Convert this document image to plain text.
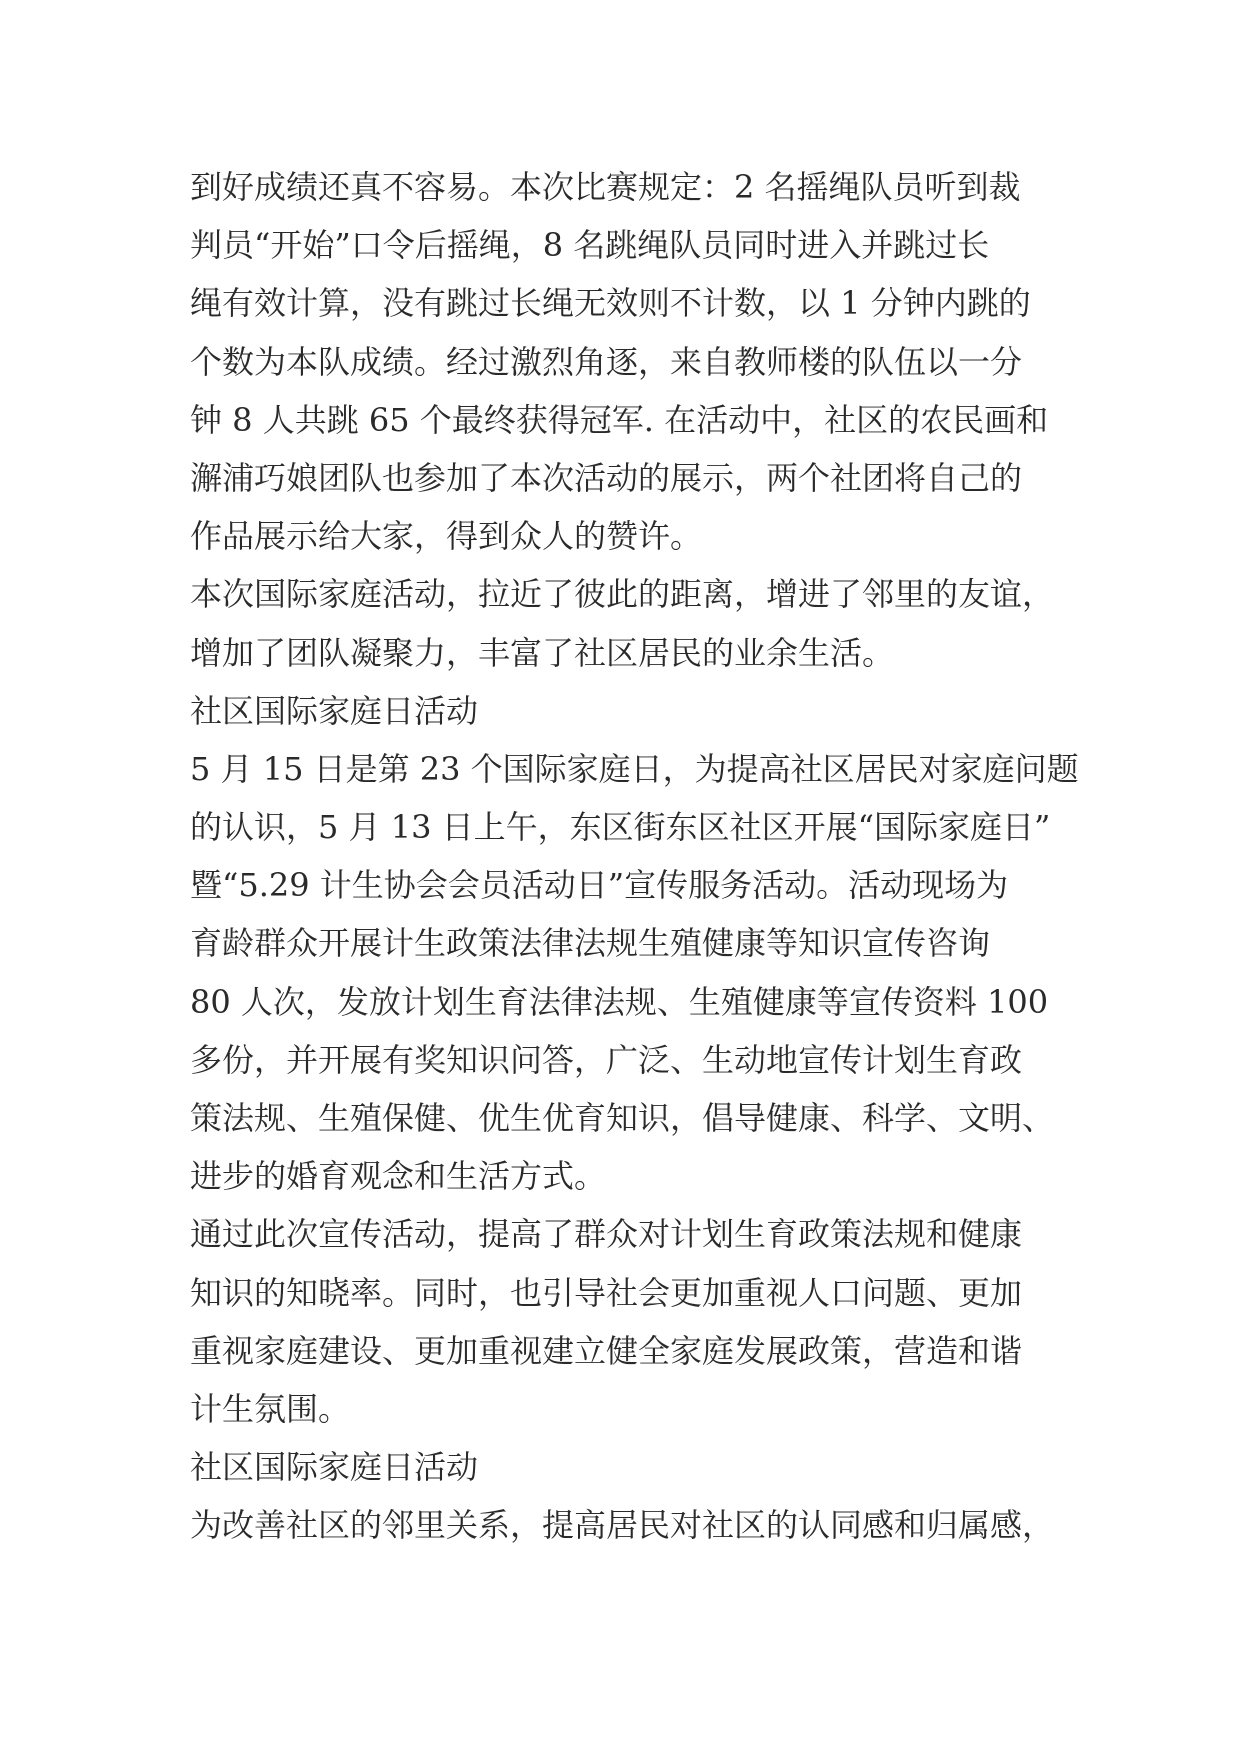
到好成绩还真不容易。本次比赛规定：2 名摇绳队员听到裁
判员“开始”口令后摇绳，8 名跳绳队员同时进入并跳过长
绳有效计算，没有跳过长绳无效则不计数，以 1 分钟内跳的
个数为本队成绩。经过激烈角逐，来自教师楼的队伍以一分
钟 8 人共跳 65 个最终获得冠军. 在活动中，社区的农民画和
澥浦巧娘团队也参加了本次活动的展示，两个社团将自己的
作品展示给大家，得到众人的赞许。
本次国际家庭活动，拉近了彼此的距离，增进了邻里的友谊，
增加了团队凝聚力，丰富了社区居民的业余生活。
社区国际家庭日活动
5 月 15 日是第 23 个国际家庭日，为提高社区居民对家庭问题
的认识，5 月 13 日上午，东区街东区社区开展“国际家庭日”
暨“5.29 计生协会会员活动日”宣传服务活动。活动现场为
育龄群众开展计生政策法律法规生殖健康等知识宣传咨询
80 人次，发放计划生育法律法规、生殖健康等宣传资料 100
多份，并开展有奖知识问答，广泛、生动地宣传计划生育政
策法规、生殖保健、优生优育知识，倡导健康、科学、文明、
进步的婚育观念和生活方式。
通过此次宣传活动，提高了群众对计划生育政策法规和健康
知识的知晓率。同时，也引导社会更加重视人口问题、更加
重视家庭建设、更加重视建立健全家庭发展政策，营造和谐
计生氛围。
社区国际家庭日活动
为改善社区的邻里关系，提高居民对社区的认同感和归属感，
